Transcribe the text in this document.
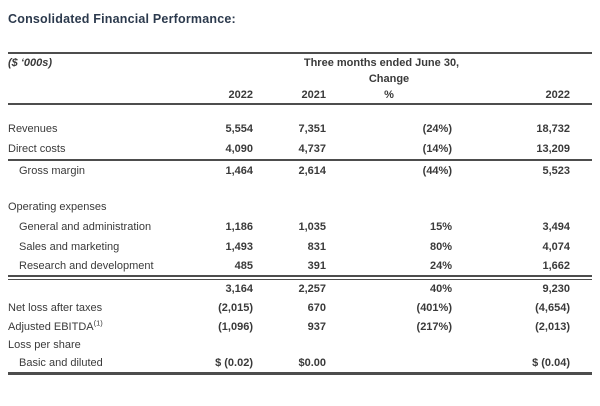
Consolidated Financial Performance:

($ ‘000s)	Three months ended June 30,			
			Change	
	2022	2021	%	2022

Revenues	5,554	7,351	(24%)	18,732
Direct costs	4,090	4,737	(14%)	13,209

Gross margin	1,464	2,614	(44%)	5,523

Operating expenses				
General and administration	1,186	1,035	15%	3,494
Sales and marketing	1,493	831	80%	4,074
Research and development	485	391	24%	1,662

	3,164	2,257	40%	9,230
Net loss after taxes	(2,015)	670	(401%)	(4,654)
Adjusted EBITDA$^{(1)}$	(1,096)	937	(217%)	(2,013)
Loss per share				
Basic and diluted	$ (0.02)	$0.00		$ (0.04)
